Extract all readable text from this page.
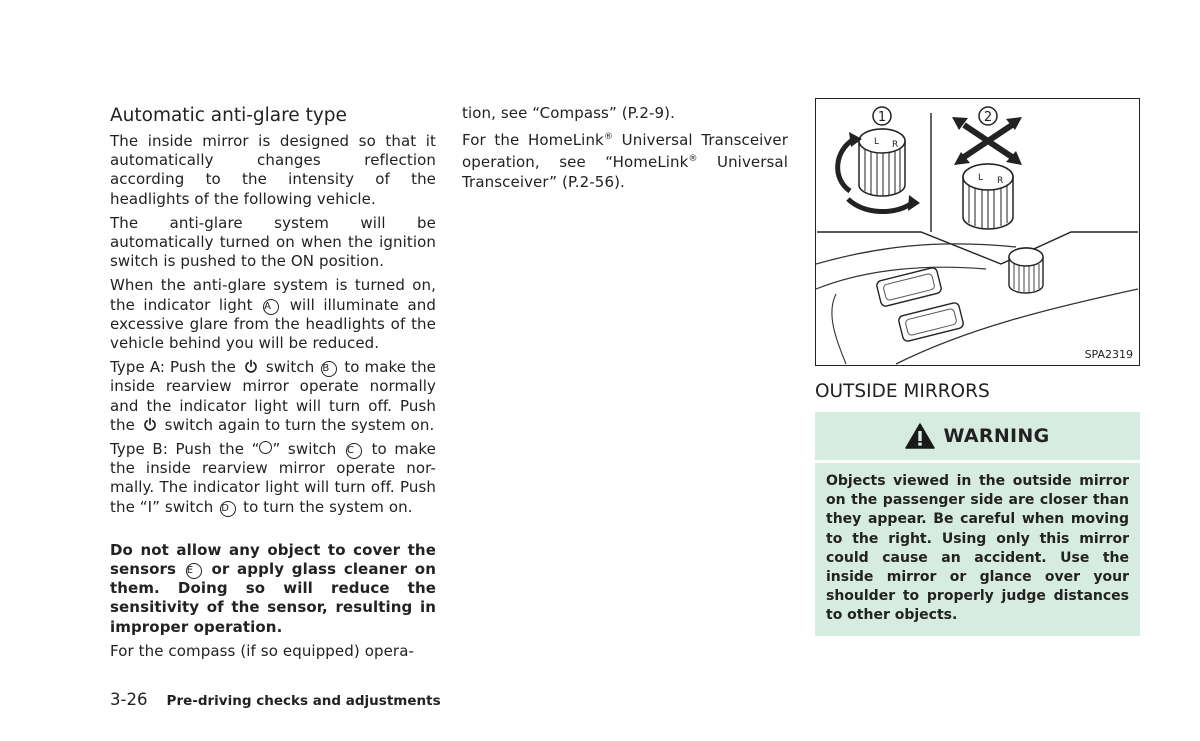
Automatic anti-glare type

The inside mirror is designed so that it automatically changes reflection according to the intensity of the headlights of the following vehicle.

The anti-glare system will be automatically turned on when the ignition switch is pushed to the ON position.

When the anti-glare system is turned on, the indicator light A will illuminate and excessive glare from the headlights of the vehicle behind you will be reduced.

Type A: Push the switch B to make the inside rearview mirror operate normally and the indicator light will turn off. Push the switch again to turn the system on.

Type B: Push the “ ” switch C to make the inside rearview mirror operate nor- mally. The indicator light will turn off. Push the “I” switch D to turn the system on.

Do not allow any object to cover the sensors E or apply glass cleaner on them. Doing so will reduce the sensitivity of the sensor, resulting in improper operation.

For the compass (if so equipped) opera-

tion, see “Compass” (P.2-9).

For the HomeLink® Universal Transceiver operation, see “HomeLink® Universal Transceiver” (P.2-56).

1
L R
2
L R
SPA2319
OUTSIDE MIRRORS
WARNING
Objects viewed in the outside mirror on the passenger side are closer than they appear. Be careful when moving to the right. Using only this mirror could cause an accident. Use the inside mirror or glance over your shoulder to properly judge distances to other objects.
3-26 Pre-driving checks and adjustments
